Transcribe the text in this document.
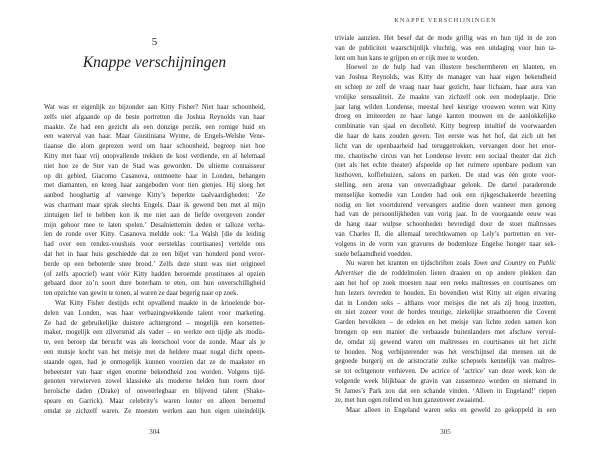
5
Knappe verschijningen
Wat was er eigenlijk zo bijzonder aan Kitty Fisher? Niet haar schoonheid,
zelfs niet afgaande op de beste portretten die Joshua Reynolds van haar
maakte. Ze had een gezicht als een donzige perzik, een romige huid en
een waterval van haar. Maar Giustiniana Wynne, de Engels-Welshe Vene-
tiaanse die alom geprezen werd om haar schoonheid, begreep niet hoe
Kitty met haar vrij onopvallende trekken de kost verdiende, en al helemaal
niet hoe ze de Ster van de Stad was geworden. De ultieme connaisseur
op dit gebied, Giacomo Casanova, ontmoette haar in Londen, behangen
met diamanten, en kreeg haar aangeboden voor tien gienjes. Hij sloeg het
aanbod hooghartig af vanwege Kitty’s beperkte taalvaardigheden: ‘Ze
was charmant maar sprak slechts Engels. Daar ik gewend ben met al mijn
zintuigen lief te hebben kon ik me niet aan de liefde overgeven zonder
mijn gehoor mee te laten spelen.’ Desalniettemin deden er talloze verha-
len de ronde over Kitty. Casanova meldde ook: ‘La Walsh [die de leiding
had over een rendez-voushuis voor eersteklas courtisanes] vertelde ons
dat het in haar huis geschiedde dat ze een biljet van honderd pond veror-
berde op een beboterde snee brood.’ Zelfs deze stunt was niet origineel
(of zelfs apocrief) want vóór Kitty hadden beroemde prostituees al opzien
gebaard door zo’n soort dure boterham te eten, om hun onverschilligheid
ten opzichte van gewin te tonen, al waren ze daar begerig naar op zoek.
Wat Kitty Fisher destijds echt opvallend maakte in de krioelende bor-
delen van Londen, was haar verbazingwekkende talent voor marketing.
Ze had de gebruikelijke duistere achtergrond – mogelijk een korsetten-
maker, mogelijk een zilversmid als vader – en werkte een tijdje als modis-
te, een beroep dat berucht was als leerschool voor de zonde. Maar als je
een mutsje kocht van het meisje met de heldere maar nogal dicht opeen-
staande ogen, had je onmogelijk kunnen voorzien dat ze de maakster en
beheerster van haar eigen enorme bekendheid zou worden. Volgens tijd-
genoten verwierven zowel klassieke als moderne helden hun roem door
heroïsche daden (Drake) of onweerlegbaar en blijvend talent (Shake-
speare en Garrick). Maar celebrity’s waren louter en alleen beroemd
omdat ze zichzelf waren. Ze moesten werken aan hun eigen uiteindelijk
304
KNAPPE VERSCHIJNINGEN
triviale aanzien. Het besef dat de mode grillig was en hun tijd in de zon
van de publiciteit waarschijnlijk vluchtig, was een uitdaging voor hun ta-
lent om hun kans te grijpen en er rijk mee te worden.
Hoewel ze de hulp had van illustere beschermheren en klanten, en
van Joshua Reynolds, was Kitty de manager van haar eigen bekendheid
en schiep ze zelf de vraag naar haar gezicht, haar lichaam, haar aura van
vrolijke sensualiteit. Ze maakte van zichzelf ook een modeplaatje. Drie
jaar lang wilden Londense, meestal heel keurige vrouwen weten wat Kitty
droeg en imiteerden ze haar lange kanten mouwen en de aanlokkelijke
combinatie van sjaal en decolleté. Kitty begreep intuïtief de voorwaarden
die haar de kans zouden geven. Ten eerste was het hof, dat zich uit het
licht van de openbaarheid had teruggetrokken, vervangen door het enor-
me, chaotische circus van het Londense leven: een sociaal theater dat zich
(net als het echte theater) afspeelde op het ruimere openbare podium van
lusthoven, koffiehuizen, salons en parken. De stad was één grote voor-
stelling, een arena van onverzadigbaar gelonk. De dartel paraderende
menselijke komedie van Londen had ook een rijkgeschakeerde bezetting
nodig en liet voortdurend vervangers auditie doen wanneer men genoeg
had van de persoonlijkheden van vorig jaar. In de voorgaande eeuw was
de hang naar wulpse schoonheden bevredigd door de stoet maîtresses
van Charles II, die allemaal terechtkwamen op Lely’s portretten en ver-
volgens in de vorm van gravures de bodemloze Engelse honger naar sek-
suele befaamdheid voedden.
Nu waren het kranten en tijdschriften zoals Town and Country en Public
Advertiser die de roddelmolen lieten draaien en op andere plekken dan
aan het hof op zoek moesten naar een reeks maîtresses en courtisanes om
hun lezers tevreden te houden. En bovendien wist Kitty uit eigen ervaring
dat in Londen seks – althans voor meisjes die net als zij hoog inzetten,
en niet zozeer voor de hordes treurige, ziekelijke straathoeren die Covent
Garden bevolkten – de edelen en het meisje van lichte zeden samen kon
brengen op een manier die verbaasde buitenlanders met afschuw vervul-
de, omdat zij gewend waren om maîtresses en courtisanes uit het zicht
te houden. Nog verbijsterender was het verschijnsel dat mensen uit de
gegoede burgerij en de aristocratie zulke schepsels kennelijk van maîtres-
se tot echtgenote verhieven. De actrice of ‘actrice’ van deze week kon de
volgende week blijkbaar de gravin van zussemezo worden en niemand in
St James’s Park zou dat een schande vinden. ‘Alleen in Engeland!’ riepen
ze, met hun ogen rollend en hun ganzenveer zwaaiend.
Maar alleen in Engeland waren seks en geweld zo gekoppeld in een
305
